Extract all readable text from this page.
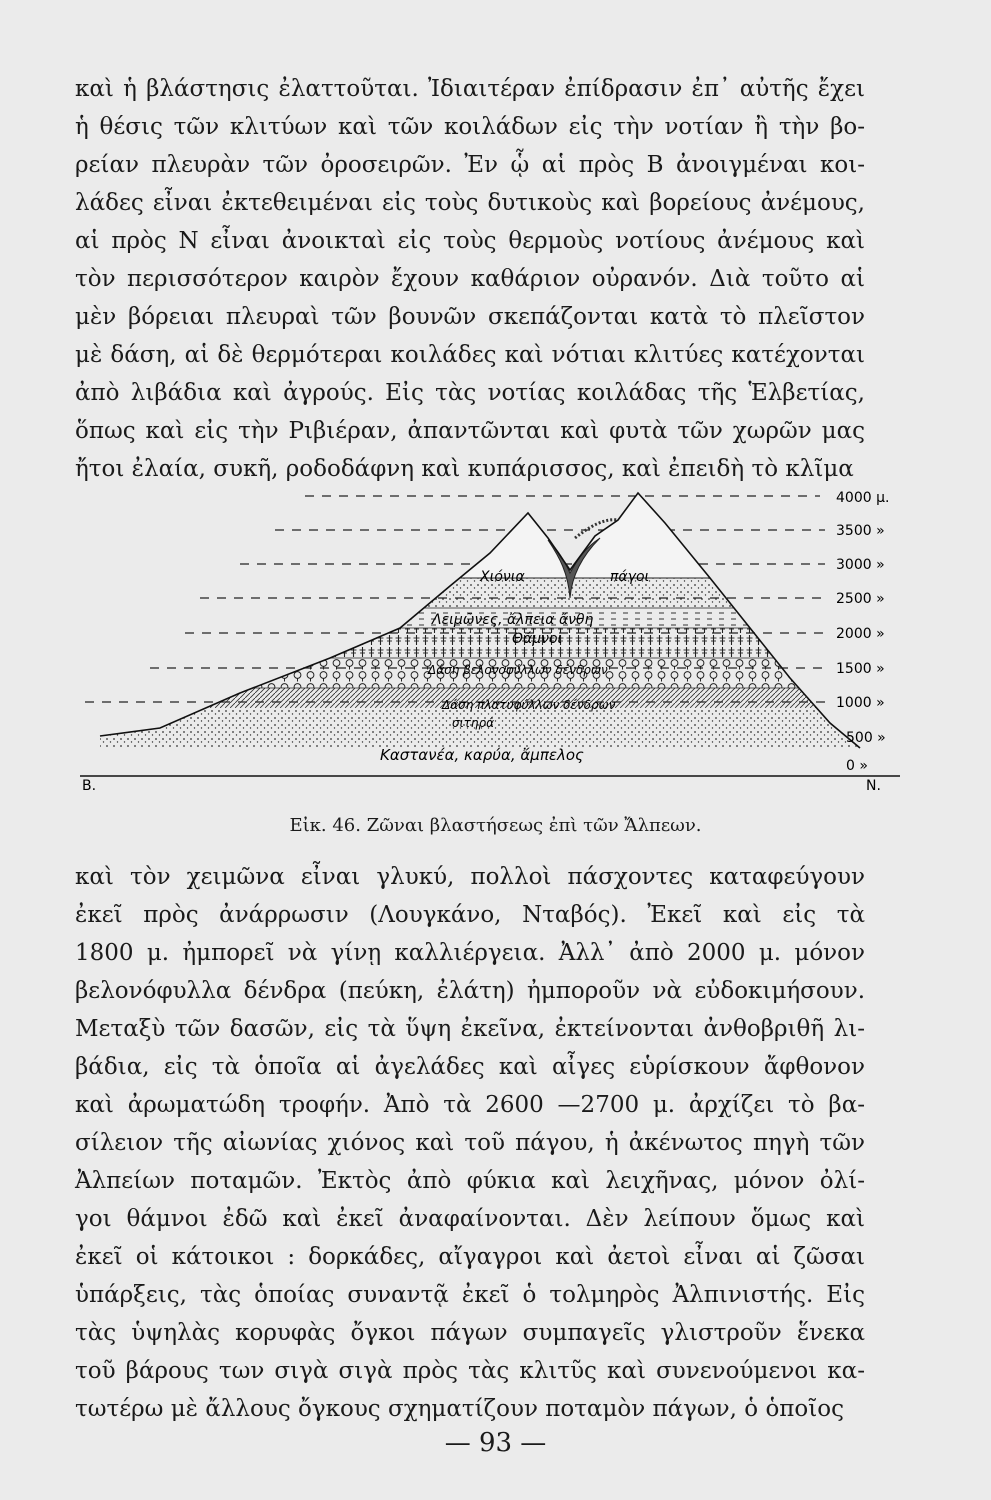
καὶ ἡ βλάστησις ἐλαττοῦται. Ἰδιαιτέραν ἐπίδρασιν ἐπ᾽ αὐτῆς ἔχει
ἡ θέσις τῶν κλιτύων καὶ τῶν κοιλάδων εἰς τὴν νοτίαν ἢ τὴν βο-
ρείαν πλευρὰν τῶν ὀροσειρῶν. Ἐν ᾧ αἱ πρὸς Β ἀνοιγμέναι κοι-
λάδες εἶναι ἐκτεθειμέναι εἰς τοὺς δυτικοὺς καὶ βορείους ἀνέμους,
αἱ πρὸς Ν εἶναι ἀνοικταὶ εἰς τοὺς θερμοὺς νοτίους ἀνέμους καὶ
τὸν περισσότερον καιρὸν ἔχουν καθάριον οὐρανόν. Διὰ τοῦτο αἱ
μὲν βόρειαι πλευραὶ τῶν βουνῶν σκεπάζονται κατὰ τὸ πλεῖστον
μὲ δάση, αἱ δὲ θερμότεραι κοιλάδες καὶ νότιαι κλιτύες κατέχονται
ἀπὸ λιβάδια καὶ ἀγρούς. Εἰς τὰς νοτίας κοιλάδας τῆς Ἑλβετίας,
ὅπως καὶ εἰς τὴν Ριβιέραν, ἀπαντῶνται καὶ φυτὰ τῶν χωρῶν μας
ἤτοι ἐλαία, συκῆ, ροδοδάφνη καὶ κυπάρισσος, καὶ ἐπειδὴ τὸ κλῖμα
Χιόνια	πάγοι
Λειμῶνες, ἄλπεια ἄνθη
Θάμνοι
Δάση βελονοφύλλων δένδρων
Δάση πλατυφύλλων δένδρων
σιτηρά
Καστανέα, καρύα, ἄμπελος
4000 μ.
3500 »
3000 »
2500 »
2000 »
1500 »
1000 »
500 »
0 »
Β.	Ν.
Εἰκ. 46. Ζῶναι βλαστήσεως ἐπὶ τῶν Ἄλπεων.
καὶ τὸν χειμῶνα εἶναι γλυκύ, πολλοὶ πάσχοντες καταφεύγουν
ἐκεῖ πρὸς ἀνάρρωσιν (Λουγκάνο, Νταβός). Ἐκεῖ καὶ εἰς τὰ
1800 μ. ἠμπορεῖ νὰ γίνῃ καλλιέργεια. Ἀλλ᾽ ἀπὸ 2000 μ. μόνον
βελονόφυλλα δένδρα (πεύκη, ἐλάτη) ἠμποροῦν νὰ εὐδοκιμήσουν.
Μεταξὺ τῶν δασῶν, εἰς τὰ ὕψη ἐκεῖνα, ἐκτείνονται ἀνθοβριθῆ λι-
βάδια, εἰς τὰ ὁποῖα αἱ ἀγελάδες καὶ αἶγες εὑρίσκουν ἄφθονον
καὶ ἀρωματώδη τροφήν. Ἀπὸ τὰ 2600 —2700 μ. ἀρχίζει τὸ βα-
σίλειον τῆς αἰωνίας χιόνος καὶ τοῦ πάγου, ἡ ἀκένωτος πηγὴ τῶν
Ἀλπείων ποταμῶν. Ἐκτὸς ἀπὸ φύκια καὶ λειχῆνας, μόνον ὀλί-
γοι θάμνοι ἐδῶ καὶ ἐκεῖ ἀναφαίνονται. Δὲν λείπουν ὅμως καὶ
ἐκεῖ οἱ κάτοικοι : δορκάδες, αἴγαγροι καὶ ἀετοὶ εἶναι αἱ ζῶσαι
ὑπάρξεις, τὰς ὁποίας συναντᾷ ἐκεῖ ὁ τολμηρὸς Ἀλπινιστής. Εἰς
τὰς ὑψηλὰς κορυφὰς ὄγκοι πάγων συμπαγεῖς γλιστροῦν ἕνεκα
τοῦ βάρους των σιγὰ σιγὰ πρὸς τὰς κλιτῦς καὶ συνενούμενοι κα-
τωτέρω μὲ ἄλλους ὄγκους σχηματίζουν ποταμὸν πάγων, ὁ ὁποῖος
— 93 —
